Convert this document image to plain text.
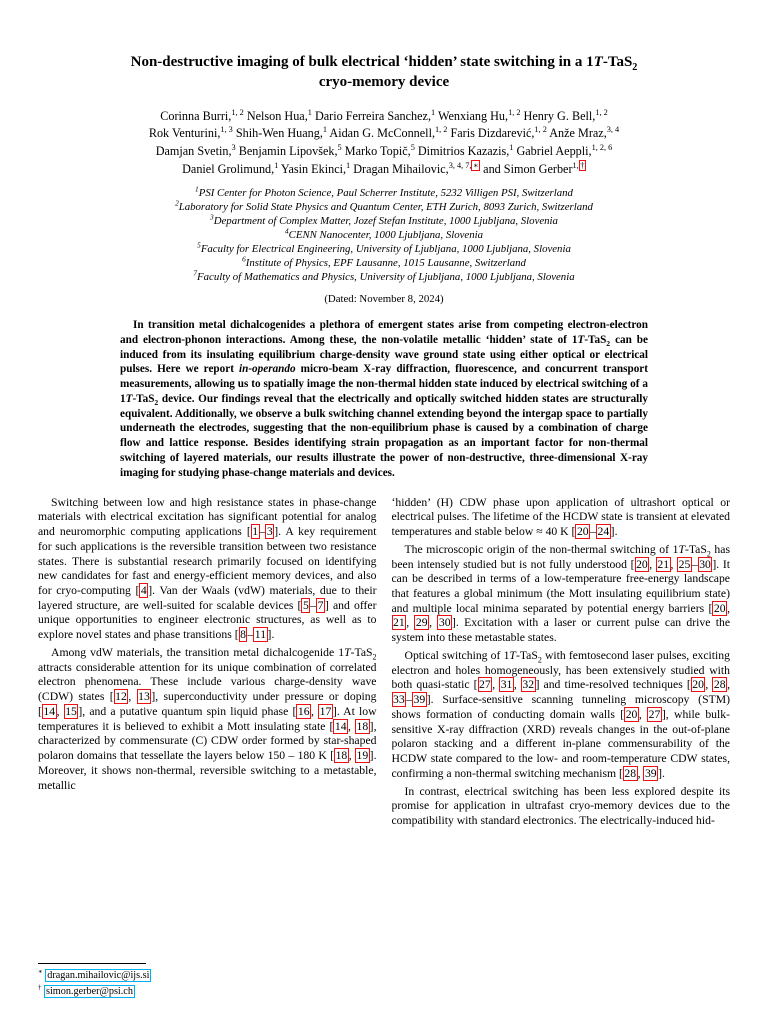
Non-destructive imaging of bulk electrical ‘hidden’ state switching in a 1T-TaS$_2$
cryo-memory device
Corinna Burri,$^{1, 2}$ Nelson Hua,$^1$ Dario Ferreira Sanchez,$^1$ Wenxiang Hu,$^{1, 2}$ Henry G. Bell,$^{1, 2}$
Rok Venturini,$^{1, 3}$ Shih-Wen Huang,$^1$ Aidan G. McConnell,$^{1, 2}$ Faris Dizdarević,$^{1, 2}$ Anže Mraz,$^{3, 4}$
Damjan Svetin,$^3$ Benjamin Lipovšek,$^5$ Marko Topič,$^5$ Dimitrios Kazazis,$^1$ Gabriel Aeppli,$^{1, 2, 6}$
Daniel Grolimund,$^1$ Yasin Ekinci,$^1$ Dragan Mihailovic,$^{3, 4, 7,}$ ∗ and Simon Gerber$^{1,}$ †
$^1$PSI Center for Photon Science, Paul Scherrer Institute, 5232 Villigen PSI, Switzerland
$^2$Laboratory for Solid State Physics and Quantum Center, ETH Zurich, 8093 Zurich, Switzerland
$^3$Department of Complex Matter, Jozef Stefan Institute, 1000 Ljubljana, Slovenia
$^4$CENN Nanocenter, 1000 Ljubljana, Slovenia
$^5$Faculty for Electrical Engineering, University of Ljubljana, 1000 Ljubljana, Slovenia
$^6$Institute of Physics, EPF Lausanne, 1015 Lausanne, Switzerland
$^7$Faculty of Mathematics and Physics, University of Ljubljana, 1000 Ljubljana, Slovenia
(Dated: November 8, 2024)
In transition metal dichalcogenides a plethora of emergent states arise from competing electron-electron and electron-phonon interactions. Among these, the non-volatile metallic ‘hidden’ state of 1T-TaS$_2$ can be induced from its insulating equilibrium charge-density wave ground state using either optical or electrical pulses. Here we report in-operando micro-beam X-ray diffraction, fluorescence, and concurrent transport measurements, allowing us to spatially image the non-thermal hidden state induced by electrical switching of a 1T-TaS$_2$ device. Our findings reveal that the electrically and optically switched hidden states are structurally equivalent. Additionally, we observe a bulk switching channel extending beyond the intergap space to partially underneath the electrodes, suggesting that the non-equilibrium phase is caused by a combination of charge flow and lattice response. Besides identifying strain propagation as an important factor for non-thermal switching of layered materials, our results illustrate the power of non-destructive, three-dimensional X-ray imaging for studying phase-change materials and devices.

Switching between low and high resistance states in phase-change materials with electrical excitation has significant potential for analog and neuromorphic computing applications [ 1 – 3 ]. A key requirement for such applications is the reversible transition between two resistance states. There is substantial research primarily focused on identifying new candidates for fast and energy-efficient memory devices, and also for cryo-computing [ 4 ]. Van der Waals (vdW) materials, due to their layered structure, are well-suited for scalable devices [ 5 – 7 ] and offer unique opportunities to engineer electronic structures, as well as to explore novel states and phase transitions [ 8 – 11 ].

Among vdW materials, the transition metal dichalcogenide 1T-TaS$_2$ attracts considerable attention for its unique combination of correlated electron phenomena. These include various charge-density wave (CDW) states [ 12 , 13 ], superconductivity under pressure or doping [ 14 , 15 ], and a putative quantum spin liquid phase [ 16 , 17 ]. At low temperatures it is believed to exhibit a Mott insulating state [ 14 , 18 ], characterized by commensurate (C) CDW order formed by star-shaped polaron domains that tessellate the layers below 150 – 180 K [ 18 , 19 ]. Moreover, it shows non-thermal, reversible switching to a metastable, metallic

∗ dragan.mihailovic@ijs.si
† simon.gerber@psi.ch

‘hidden’ (H) CDW phase upon application of ultrashort optical or electrical pulses. The lifetime of the HCDW state is transient at elevated temperatures and stable below ≈ 40 K [ 20 – 24 ].

The microscopic origin of the non-thermal switching of 1T-TaS$_2$ has been intensely studied but is not fully understood [ 20 , 21 , 25 – 30 ]. It can be described in terms of a low-temperature free-energy landscape that features a global minimum (the Mott insulating equilibrium state) and multiple local minima separated by potential energy barriers [ 20 , 21 , 29 , 30 ]. Excitation with a laser or current pulse can drive the system into these metastable states.

Optical switching of 1T-TaS$_2$ with femtosecond laser pulses, exciting electron and holes homogeneously, has been extensively studied with both quasi-static [ 27 , 31 , 32 ] and time-resolved techniques [ 20 , 28 , 33 – 39 ]. Surface-sensitive scanning tunneling microscopy (STM) shows formation of conducting domain walls [ 20 , 27 ], while bulk-sensitive X-ray diffraction (XRD) reveals changes in the out-of-plane polaron stacking and a different in-plane commensurability of the HCDW state compared to the low- and room-temperature CDW states, confirming a non-thermal switching mechanism [ 28 , 39 ].

In contrast, electrical switching has been less explored despite its promise for application in ultrafast cryo-memory devices due to the compatibility with standard electronics. The electrically-induced hid-
